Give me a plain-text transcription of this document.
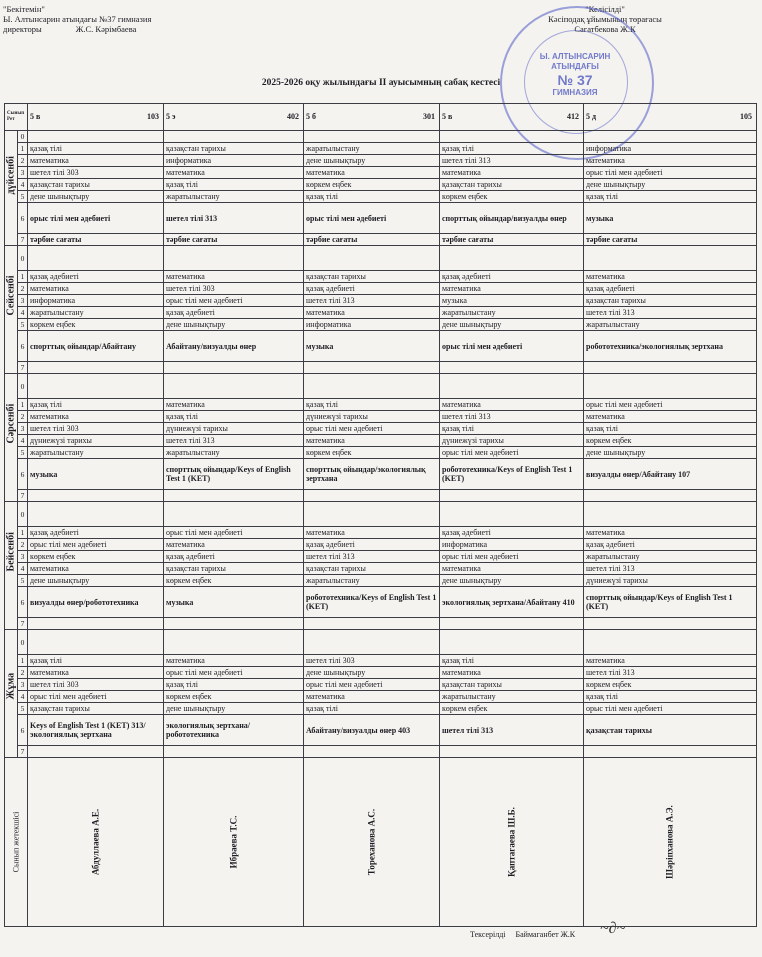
"Бекітемін"
Ы. Алтынсарин атындағы №37 гимназия
директоры	Ж.С. Кәрімбаева
"Келісілді"
Кәсіподақ ұйымының төрағасы
Сагатбекова Ж.К
Ы. АЛТЫНСАРИН
АТЫНДАҒЫ
№ 37
ГИМНАЗИЯ
2025-2026 оқу жылындағы II ауысымның сабақ кестесі
Сынып Рет		5 в 103	5 э 402	5 б 301	5 в 412	5 д 105

дүйсенбі	0					
	1	қазақ тілі	қазақстан тарихы	жаратылыстану	қазақ тілі	информатика
	2	математика	информатика	дене шынықтыру	шетел тілі 313	математика
	3	шетел тілі 303	математика	математика	математика	орыс тілі мен әдебиеті
	4	қазақстан тарихы	қазақ тілі	көркем еңбек	қазақстан тарихы	дене шынықтыру
	5	дене шынықтыру	жаратылыстану	қазақ тілі	көркем еңбек	қазақ тілі
	6	орыс тілі мен әдебиеті	шетел тілі 313	орыс тілі мен әдебиеті	спорттық ойындар/визуалды өнер	музыка
	7	тәрбие сағаты	тәрбие сағаты	тәрбие сағаты	тәрбие сағаты	тәрбие сағаты

Сейсенбі	0					
	1	қазақ әдебиеті	математика	қазақстан тарихы	қазақ әдебиеті	математика
	2	математика	шетел тілі 303	қазақ әдебиеті	математика	қазақ әдебиеті
	3	информатика	орыс тілі мен әдебиеті	шетел тілі 313	музыка	қазақстан тарихы
	4	жаратылыстану	қазақ әдебиеті	математика	жаратылыстану	шетел тілі 313
	5	көркем еңбек	дене шынықтыру	информатика	дене шынықтыру	жаратылыстану
	6	спорттық ойындар/Абайтану	Абайтану/визуалды өнер	музыка	орыс тілі мен әдебиеті	робототехника/экологиялық зертхана
	7					

Сәрсенбі	0					
	1	қазақ тілі	математика	қазақ тілі	математика	орыс тілі мен әдебиеті
	2	математика	қазақ тілі	дүниежүзі тарихы	шетел тілі 313	математика
	3	шетел тілі 303	дүниежүзі тарихы	орыс тілі мен әдебиеті	қазақ тілі	қазақ тілі
	4	дүниежүзі тарихы	шетел тілі 313	математика	дүниежүзі тарихы	көркем еңбек
	5	жаратылыстану	жаратылыстану	көркем еңбек	орыс тілі мен әдебиеті	дене шынықтыру
	6	музыка	спорттық ойындар/Keys of English Test 1 (KET)	спорттық ойындар/экологиялық зертхана	робототехника/Keys of English Test 1 (KET)	визуалды өнер/Абайтану 107
	7					

Бейсенбі	0					
	1	қазақ әдебиеті	орыс тілі мен әдебиеті	математика	қазақ әдебиеті	математика
	2	орыс тілі мен әдебиеті	математика	қазақ әдебиеті	информатика	қазақ әдебиеті
	3	көркем еңбек	қазақ әдебиеті	шетел тілі 313	орыс тілі мен әдебиеті	жаратылыстану
	4	математика	қазақстан тарихы	қазақстан тарихы	математика	шетел тілі 313
	5	дене шынықтыру	көркем еңбек	жаратылыстану	дене шынықтыру	дүниежүзі тарихы
	6	визуалды өнер/робототехника	музыка	робототехника/Keys of English Test 1 (KET)	экологиялық зертхана/Абайтану 410	спорттық ойындар/Keys of English Test 1 (KET)
	7					

Жұма	0					
	1	қазақ тілі	математика	шетел тілі 303	қазақ тілі	математика
	2	математика	орыс тілі мен әдебиеті	дене шынықтыру	математика	шетел тілі 313
	3	шетел тілі 303	қазақ тілі	орыс тілі мен әдебиеті	қазақстан тарихы	көркем еңбек
	4	орыс тілі мен әдебиеті	көркем еңбек	математика	жаратылыстану	қазақ тілі
	5	қазақстан тарихы	дене шынықтыру	қазақ тілі	көркем еңбек	орыс тілі мен әдебиеті
	6	Keys of English Test 1 (KET) 313/экологиялық зертхана	экологиялық зертхана/робототехника	Абайтану/визуалды өнер 403	шетел тілі 313	қазақстан тарихы
	7					

Сынып жетекшісі		Абдуллаева А.Е.	Ибраева Т.С.	Тореханова А.С.	Қаптагаева Ш.Б.	Шәріпханова А.Э.
Тексерілді Баймаганбет Ж.К ~∂~
